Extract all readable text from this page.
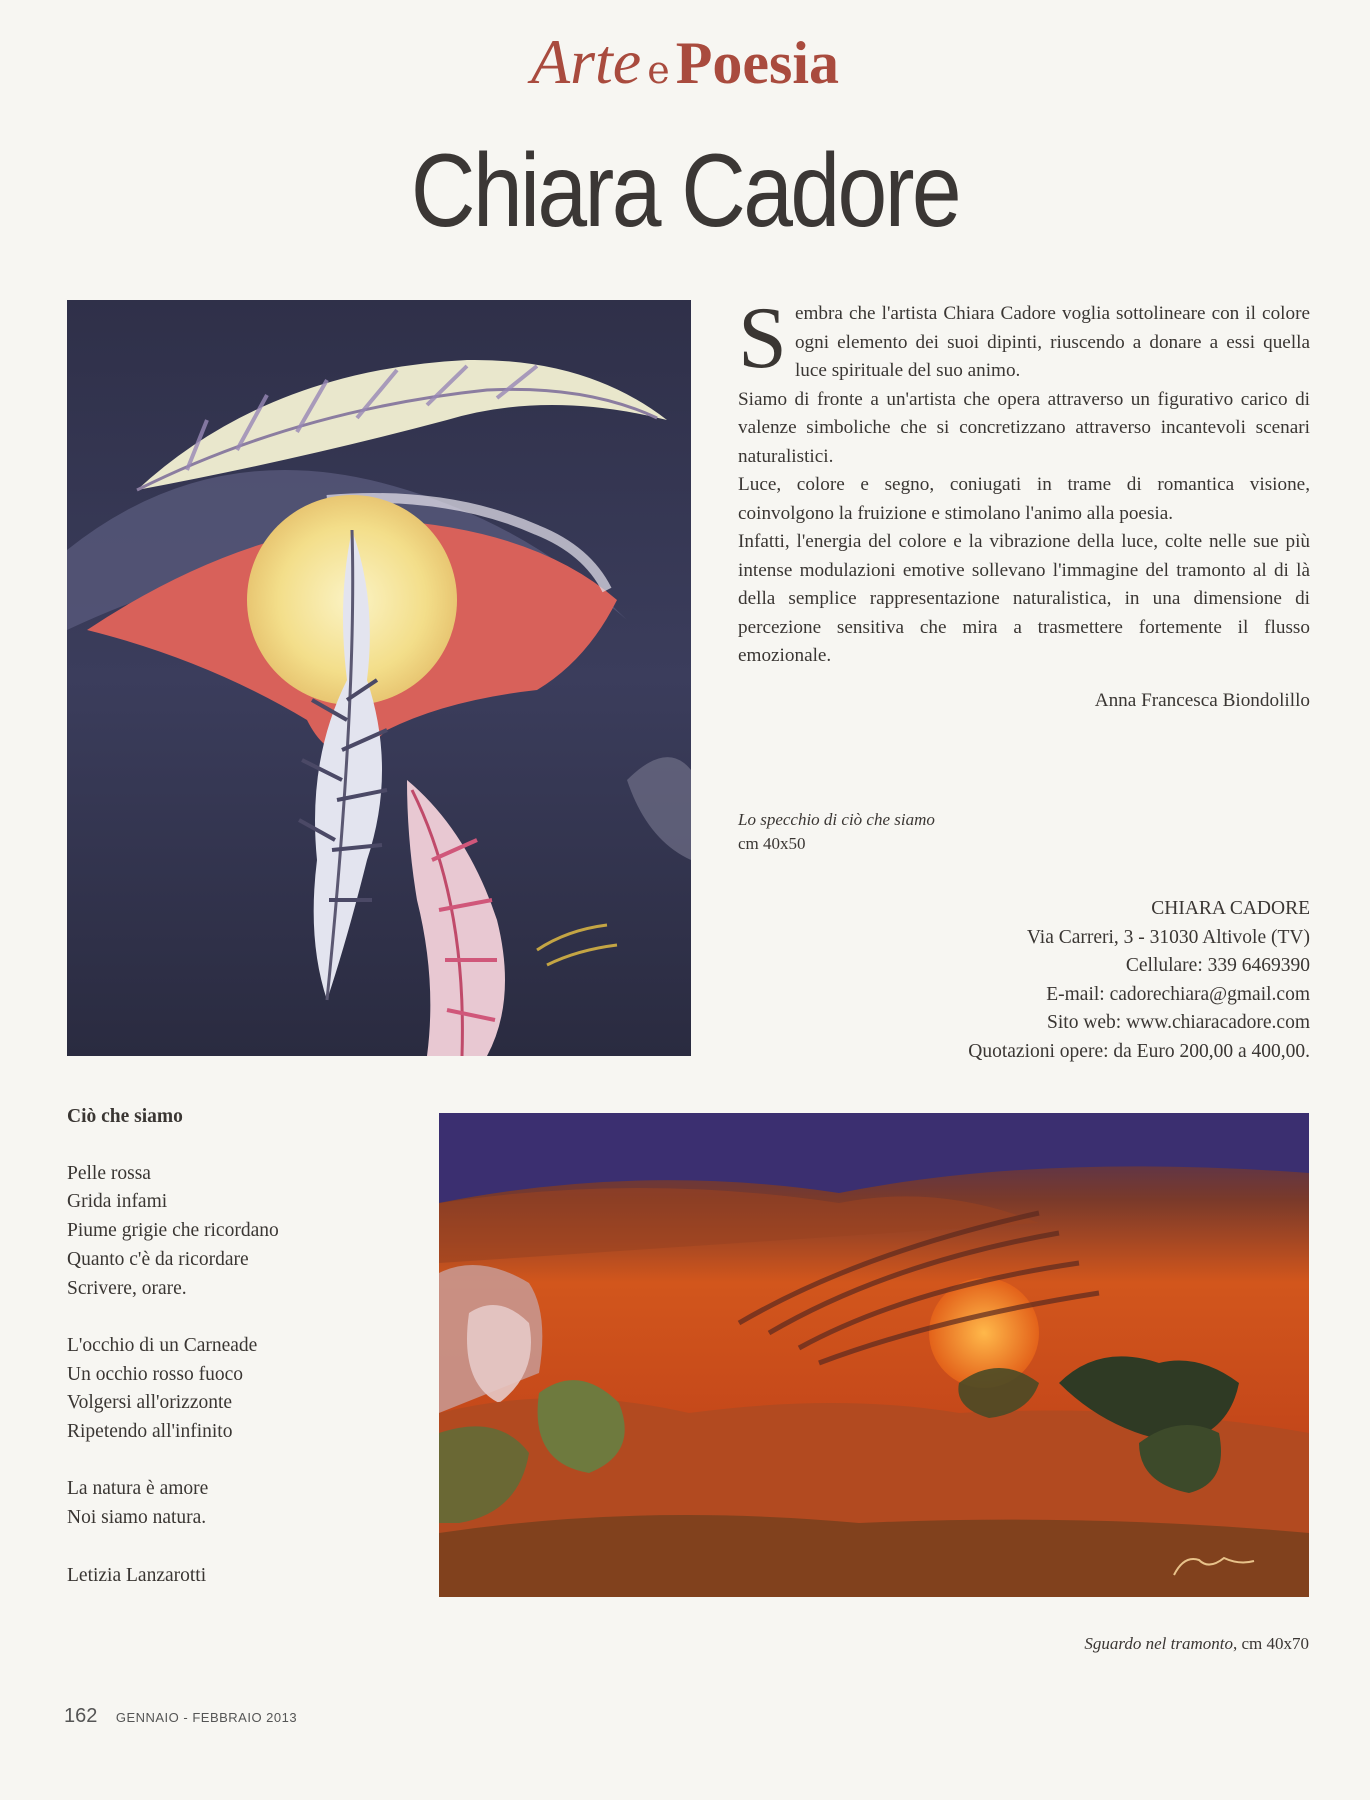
Arte e Poesia
Chiara Cadore

Sembra che l'artista Chiara Cadore voglia sottolineare con il colore ogni elemento dei suoi dipinti, riuscendo a donare a essi quella luce spirituale del suo animo.

Siamo di fronte a un'artista che opera attraverso un figurativo carico di valenze simboliche che si concretizzano attraverso incantevoli scenari naturalistici.

Luce, colore e segno, coniugati in trame di romantica visione, coinvolgono la fruizione e stimolano l'animo alla poesia.

Infatti, l'energia del colore e la vibrazione della luce, colte nelle sue più intense modulazioni emotive sollevano l'immagine del tramonto al di là della semplice rappresentazione naturalistica, in una dimensione di percezione sensitiva che mira a trasmettere fortemente il flusso emozionale.

Anna Francesca Biondolillo

Lo specchio di ciò che siamo
cm 40x50
CHIARA CADORE
Via Carreri, 3 - 31030 Altivole (TV)
Cellulare: 339 6469390
E-mail: cadorechiara@gmail.com
Sito web: www.chiaracadore.com
Quotazioni opere: da Euro 200,00 a 400,00.
Ciò che siamo
Pelle rossa
Grida infami
Piume grigie che ricordano
Quanto c'è da ricordare
Scrivere, orare.
L'occhio di un Carneade
Un occhio rosso fuoco
Volgersi all'orizzonte
Ripetendo all'infinito
La natura è amore
Noi siamo natura.
Letizia Lanzarotti
Sguardo nel tramonto, cm 40x70
162 GENNAIO - FEBBRAIO 2013
